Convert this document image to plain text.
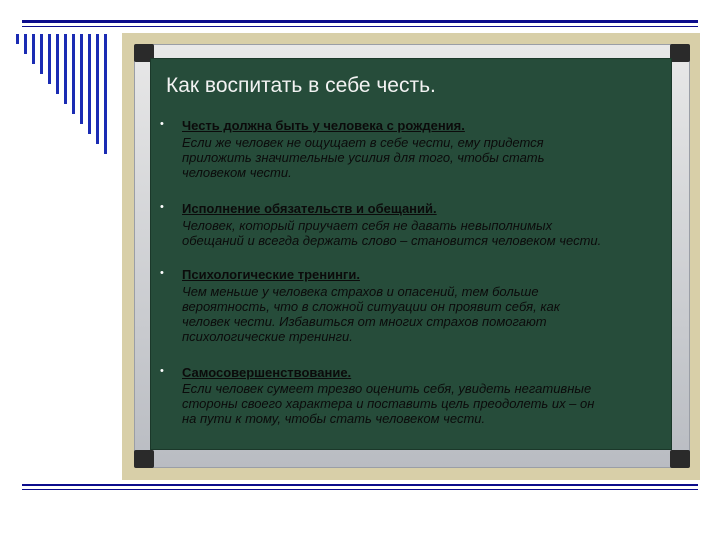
Как воспитать в себе честь.
• Честь должна быть у человека с рождения.
Если же человек не ощущает в себе чести, ему придется
приложить значительные усилия для того, чтобы стать
человеком чести.
• Исполнение обязательств и обещаний.
Человек, который приучает себя не давать невыполнимых
обещаний и всегда держать слово – становится человеком чести.
• Психологические тренинги.
Чем меньше у человека страхов и опасений, тем больше
вероятность, что в сложной ситуации он проявит себя, как
человек чести. Избавиться от многих страхов помогают
психологические тренинги.
• Самосовершенствование.
Если человек сумеет трезво оценить себя, увидеть негативные
стороны своего характера и поставить цель преодолеть их – он
на пути к тому, чтобы стать человеком чести.
